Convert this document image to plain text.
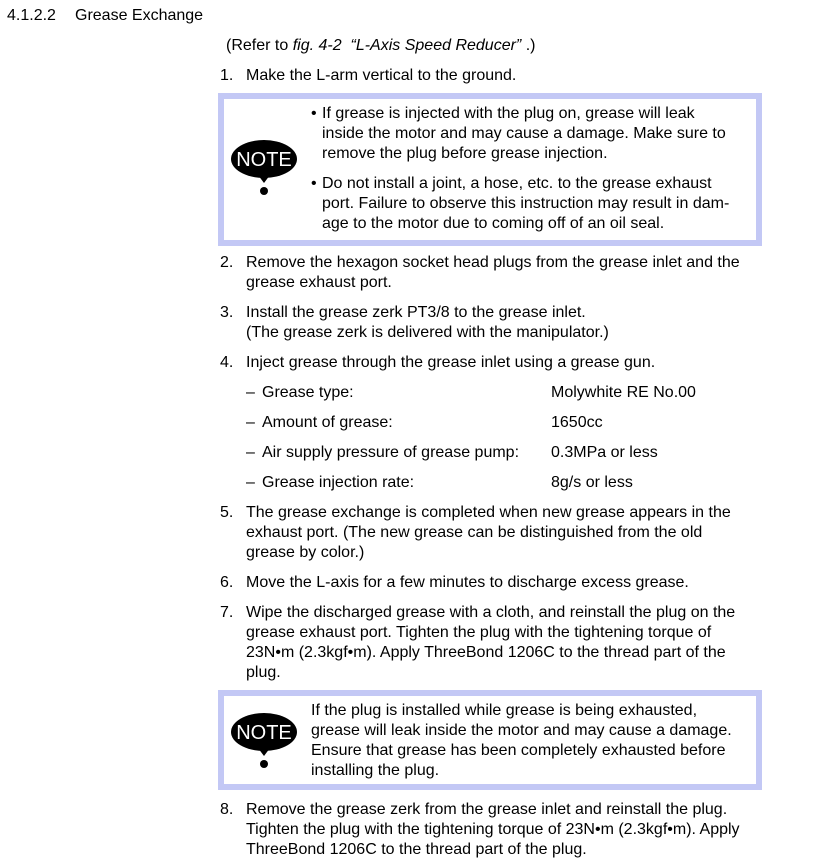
4.1.2.2 Grease Exchange
(Refer to fig. 4-2 “L-Axis Speed Reducer” .)
1. Make the L-arm vertical to the ground.
NOTE
• If grease is injected with the plug on, grease will leak
inside the motor and may cause a damage. Make sure to
remove the plug before grease injection.
• Do not install a joint, a hose, etc. to the grease exhaust
port. Failure to observe this instruction may result in dam-
age to the motor due to coming off of an oil seal.
2. Remove the hexagon socket head plugs from the grease inlet and the
grease exhaust port.
3. Install the grease zerk PT3/8 to the grease inlet.
(The grease zerk is delivered with the manipulator.)
4. Inject grease through the grease inlet using a grease gun.
– Grease type:	Molywhite RE No.00
– Amount of grease:	1650cc
– Air supply pressure of grease pump: 0.3MPa or less
– Grease injection rate:	8g/s or less
5. The grease exchange is completed when new grease appears in the
exhaust port. (The new grease can be distinguished from the old
grease by color.)
6. Move the L-axis for a few minutes to discharge excess grease.
7. Wipe the discharged grease with a cloth, and reinstall the plug on the
grease exhaust port. Tighten the plug with the tightening torque of
23N•m (2.3kgf•m). Apply ThreeBond 1206C to the thread part of the
plug.
NOTE
If the plug is installed while grease is being exhausted,
grease will leak inside the motor and may cause a damage.
Ensure that grease has been completely exhausted before
installing the plug.
8. Remove the grease zerk from the grease inlet and reinstall the plug.
Tighten the plug with the tightening torque of 23N•m (2.3kgf•m). Apply
ThreeBond 1206C to the thread part of the plug.
